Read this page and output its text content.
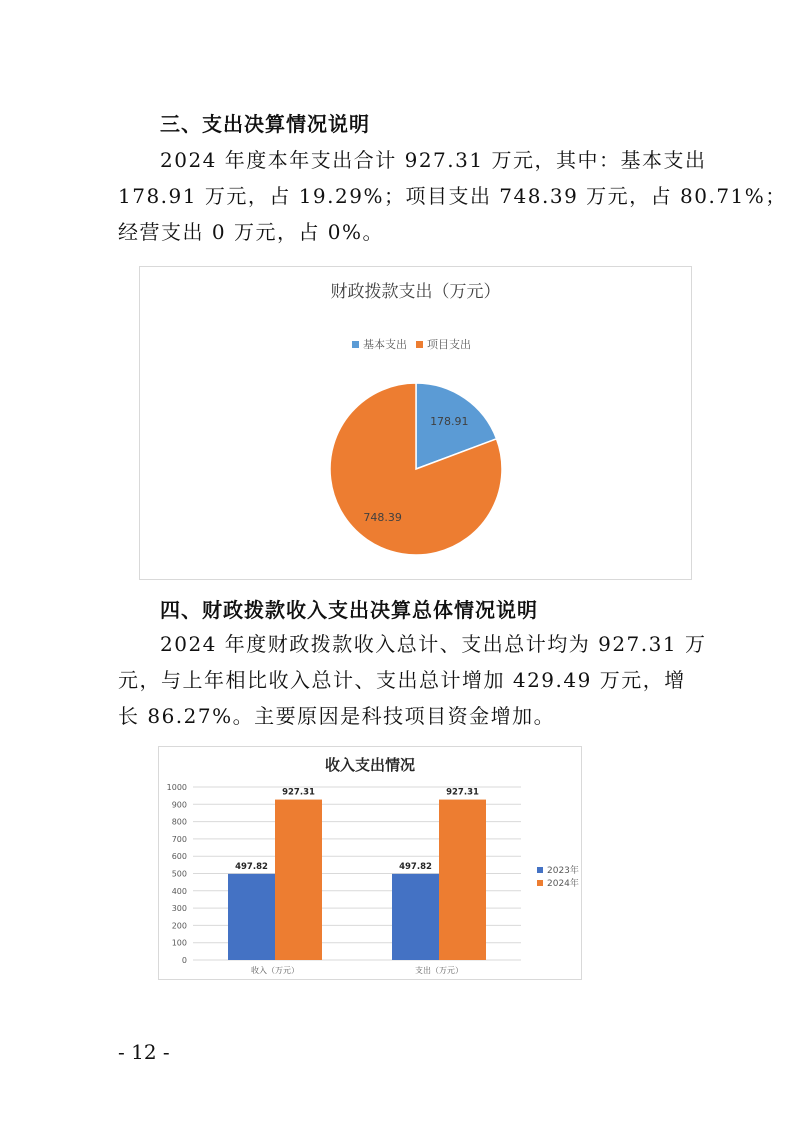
三、支出决算情况说明
2024 年度本年支出合计 927.31 万元，其中：基本支出
178.91 万元，占 19.29%；项目支出 748.39 万元，占 80.71%；
经营支出 0 万元，占 0%。
财政拨款支出（万元）
基本支出 项目支出
178.91
748.39
四、财政拨款收入支出决算总体情况说明
2024 年度财政拨款收入总计、支出总计均为 927.31 万
元，与上年相比收入总计、支出总计增加 429.49 万元，增
长 86.27%。主要原因是科技项目资金增加。
收入支出情况
2023年
2024年
0
100
200
300
400
500
600
700
800
900
1000
497.82
927.31
收入（万元）
497.82
927.31
支出（万元）
- 12 -
